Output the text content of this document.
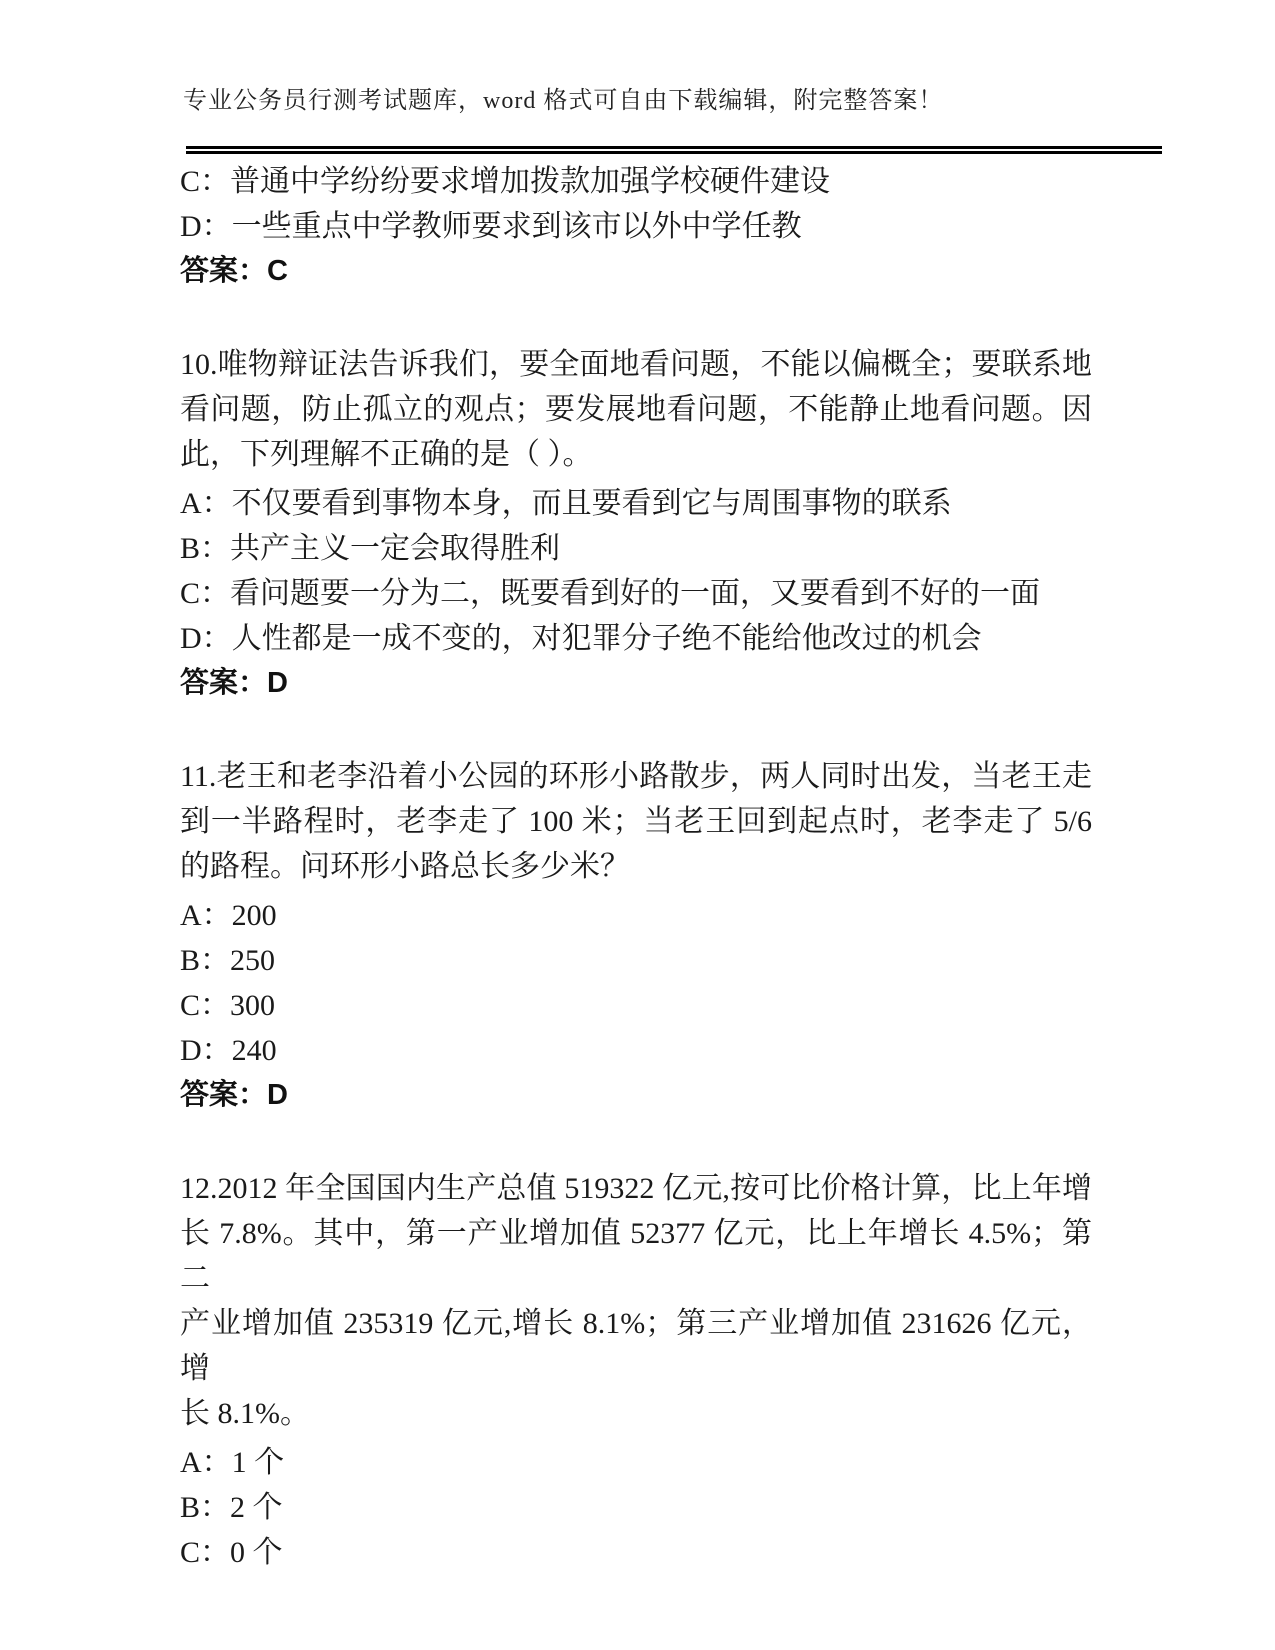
专业公务员行测考试题库，word 格式可自由下载编辑，附完整答案！
C：普通中学纷纷要求增加拨款加强学校硬件建设
D：一些重点中学教师要求到该市以外中学任教
答案：C
10.唯物辩证法告诉我们，要全面地看问题，不能以偏概全；要联系地
看问题，防止孤立的观点；要发展地看问题，不能静止地看问题。因
此，下列理解不正确的是（ ）。
A：不仅要看到事物本身，而且要看到它与周围事物的联系
B：共产主义一定会取得胜利
C：看问题要一分为二，既要看到好的一面，又要看到不好的一面
D：人性都是一成不变的，对犯罪分子绝不能给他改过的机会
答案：D
11.老王和老李沿着小公园的环形小路散步，两人同时出发，当老王走
到一半路程时，老李走了 100 米；当老王回到起点时，老李走了 5/6
的路程。问环形小路总长多少米？
A：200
B：250
C：300
D：240
答案：D
12.2012 年全国国内生产总值 519322 亿元,按可比价格计算，比上年增
长 7.8%。其中，第一产业增加值 52377 亿元，比上年增长 4.5%；第二
产业增加值 235319 亿元,增长 8.1%；第三产业增加值 231626 亿元，增
长 8.1%。
A：1 个
B：2 个
C：0 个
